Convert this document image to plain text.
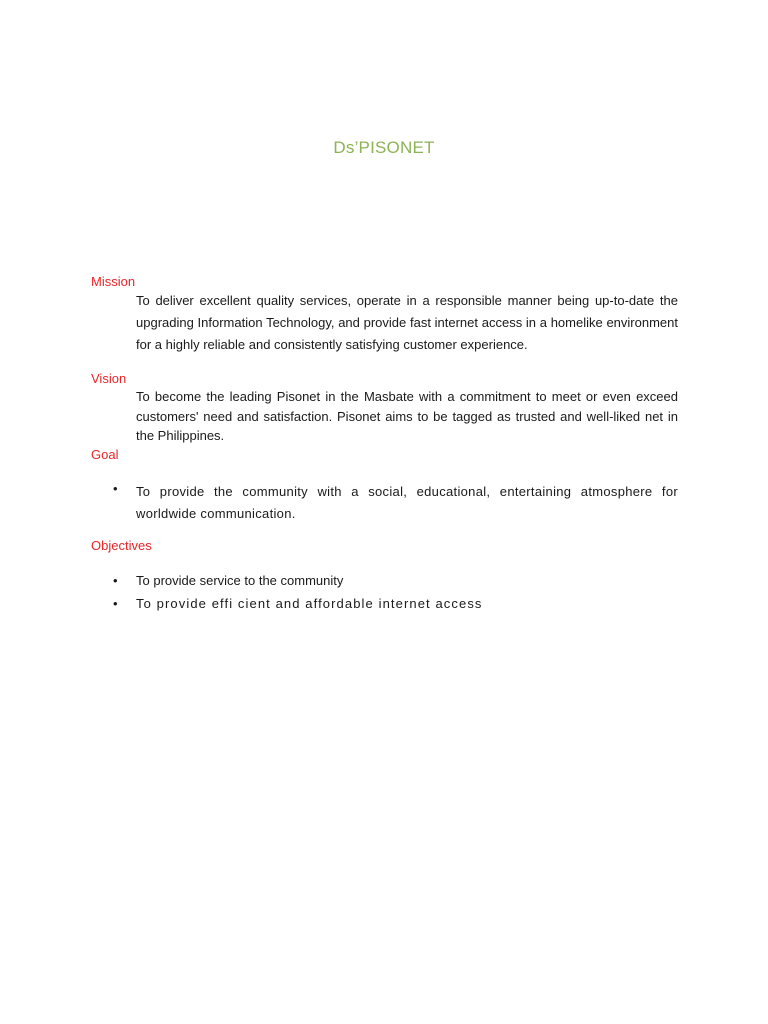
Ds’PISONET
Mission
To deliver excellent quality services, operate in a responsible manner being up-to-date the upgrading Information Technology, and provide fast internet access in a homelike environment for a highly reliable and consistently satisfying customer experience.
Vision
To become the leading Pisonet in the Masbate with a commitment to meet or even exceed customers' need and satisfaction. Pisonet aims to be tagged as trusted and well-liked net in the Philippines.
Goal
• To provide the community with a social, educational, entertaining atmosphere for worldwide communication.
Objectives
• To provide service to the community
• To provide effi cient and affordable internet access
